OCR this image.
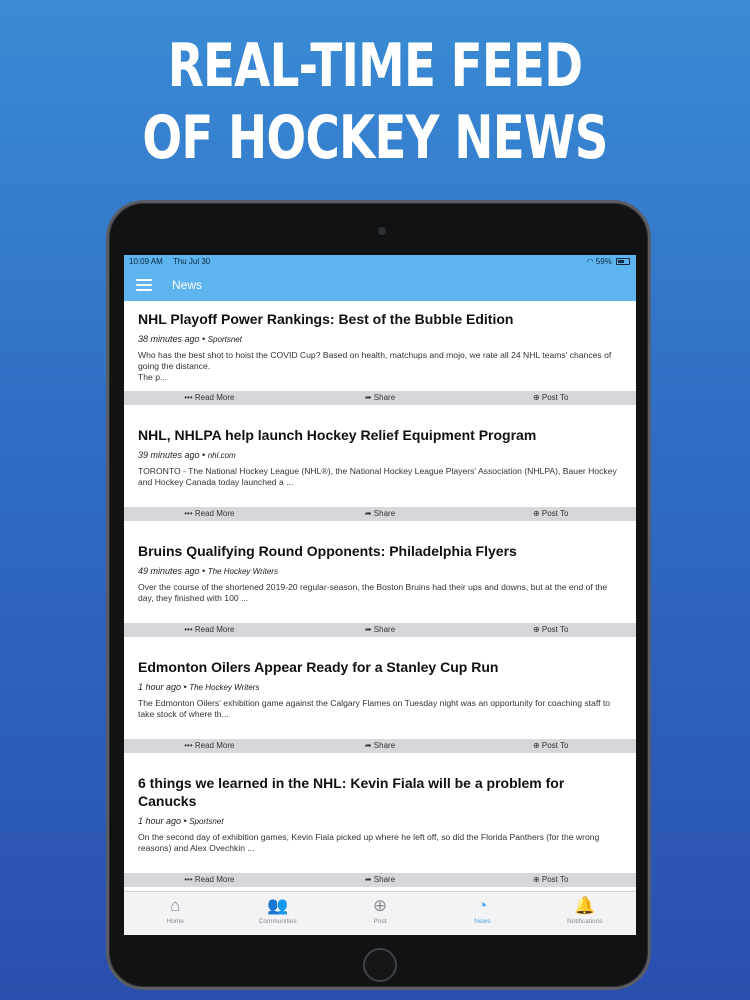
REAL-TIME FEED
OF HOCKEY NEWS
10:09 AM Thu Jul 30	◠ 59%
News
NHL Playoff Power Rankings: Best of the Bubble Edition
38 minutes ago • Sportsnet
Who has the best shot to hoist the COVID Cup? Based on health, matchups and mojo, we rate all 24 NHL teams' chances of going the distance.
The p...
••• Read More	➦ Share	⊕ Post To
NHL, NHLPA help launch Hockey Relief Equipment Program
39 minutes ago • nhl.com
TORONTO - The National Hockey League (NHL®), the National Hockey League Players' Association (NHLPA), Bauer Hockey and Hockey Canada today launched a ...
••• Read More	➦ Share	⊕ Post To
Bruins Qualifying Round Opponents: Philadelphia Flyers
49 minutes ago • The Hockey Writers
Over the course of the shortened 2019-20 regular-season, the Boston Bruins had their ups and downs, but at the end of the day, they finished with 100 ...
••• Read More	➦ Share	⊕ Post To
Edmonton Oilers Appear Ready for a Stanley Cup Run
1 hour ago • The Hockey Writers
The Edmonton Oilers' exhibition game against the Calgary Flames on Tuesday night was an opportunity for coaching staff to take stock of where th...
••• Read More	➦ Share	⊕ Post To
6 things we learned in the NHL: Kevin Fiala will be a problem for Canucks
1 hour ago • Sportsnet
On the second day of exhibition games, Kevin Fiala picked up where he left off, so did the Florida Panthers (for the wrong reasons) and Alex Ovechkin ...
••• Read More	➦ Share	⊕ Post To
⌂
Home
👥
Communities
⊕
Post
◔
News
🔔
Notifications
